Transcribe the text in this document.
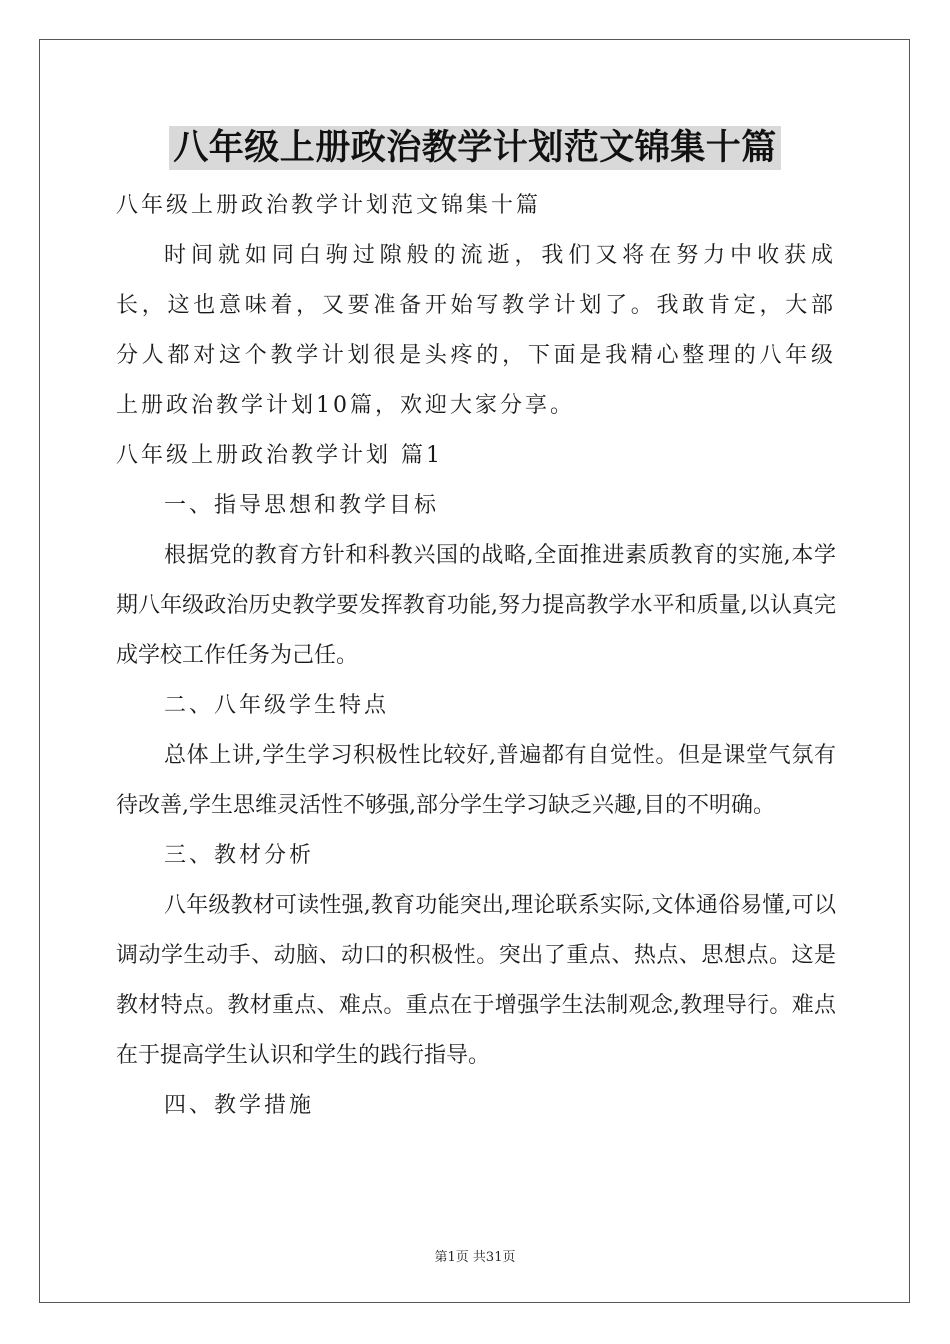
八年级上册政治教学计划范文锦集十篇

八年级上册政治教学计划范文锦集十篇

时间就如同白驹过隙般的流逝，我们又将在努力中收获成长，这也意味着，又要准备开始写教学计划了。我敢肯定，大部分人都对这个教学计划很是头疼的，下面是我精心整理的八年级上册政治教学计划10篇，欢迎大家分享。

八年级上册政治教学计划 篇1

一、指导思想和教学目标

根据党的教育方针和科教兴国的战略,全面推进素质教育的实施,本学期八年级政治历史教学要发挥教育功能,努力提高教学水平和质量,以认真完成学校工作任务为己任。

二、八年级学生特点

总体上讲,学生学习积极性比较好,普遍都有自觉性。但是课堂气氛有待改善,学生思维灵活性不够强,部分学生学习缺乏兴趣,目的不明确。

三、教材分析

八年级教材可读性强,教育功能突出,理论联系实际,文体通俗易懂,可以调动学生动手、动脑、动口的积极性。突出了重点、热点、思想点。这是教材特点。教材重点、难点。重点在于增强学生法制观念,教理导行。难点在于提高学生认识和学生的践行指导。

四、教学措施

第1页 共31页
